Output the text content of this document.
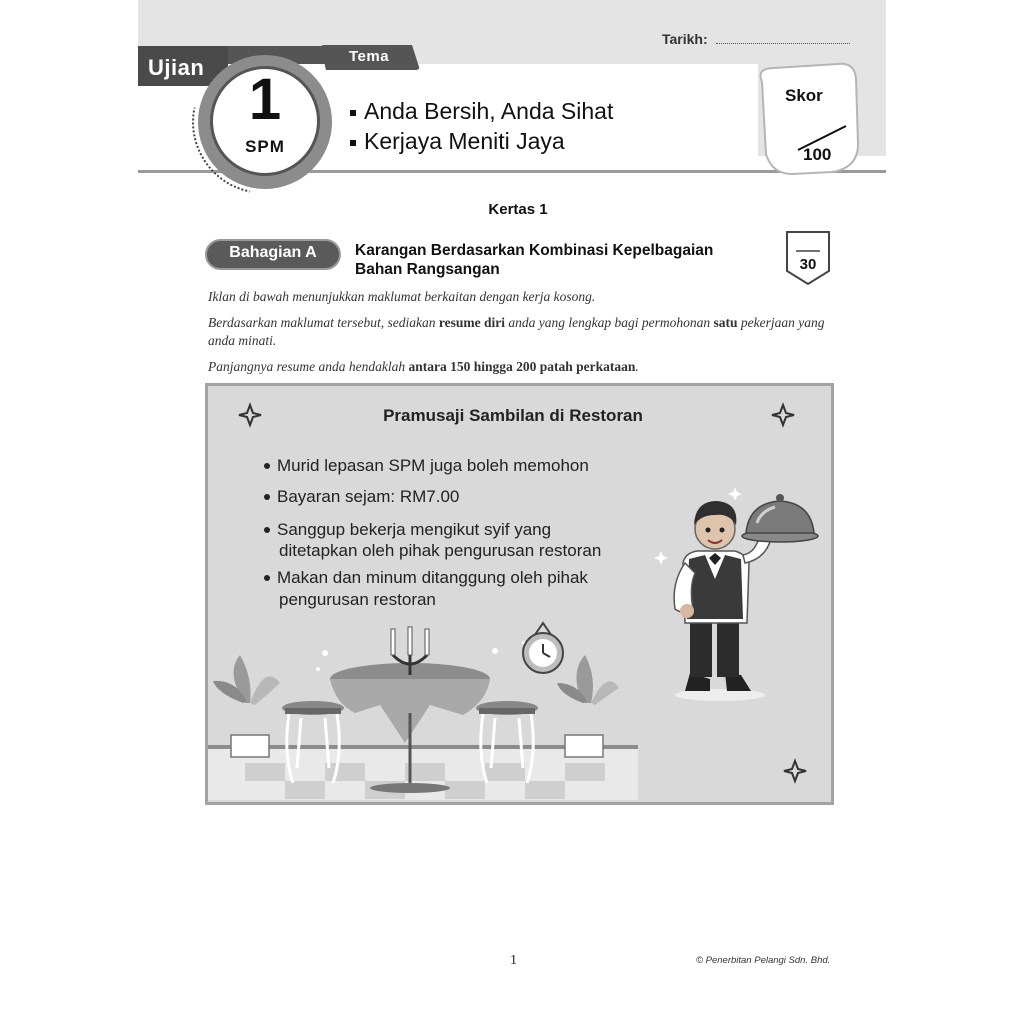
Tarikh:
Ujian	Tema
1
SPM
Anda Bersih, Anda Sihat
Kerjaya Meniti Jaya
Skor
100
Kertas 1
Bahagian A	Karangan Berdasarkan Kombinasi Kepelbagaian Bahan Rangsangan	30
Iklan di bawah menunjukkan maklumat berkaitan dengan kerja kosong.
Berdasarkan maklumat tersebut, sediakan resume diri anda yang lengkap bagi permohonan satu pekerjaan yang anda minati.
Panjangnya resume anda hendaklah antara 150 hingga 200 patah perkataan.
Pramusaji Sambilan di Restoran
Murid lepasan SPM juga boleh memohon
Bayaran sejam: RM7.00
Sanggup bekerja mengikut syif yang
ditetapkan oleh pihak pengurusan restoran
Makan dan minum ditanggung oleh pihak
pengurusan restoran
1	© Penerbitan Pelangi Sdn. Bhd.
